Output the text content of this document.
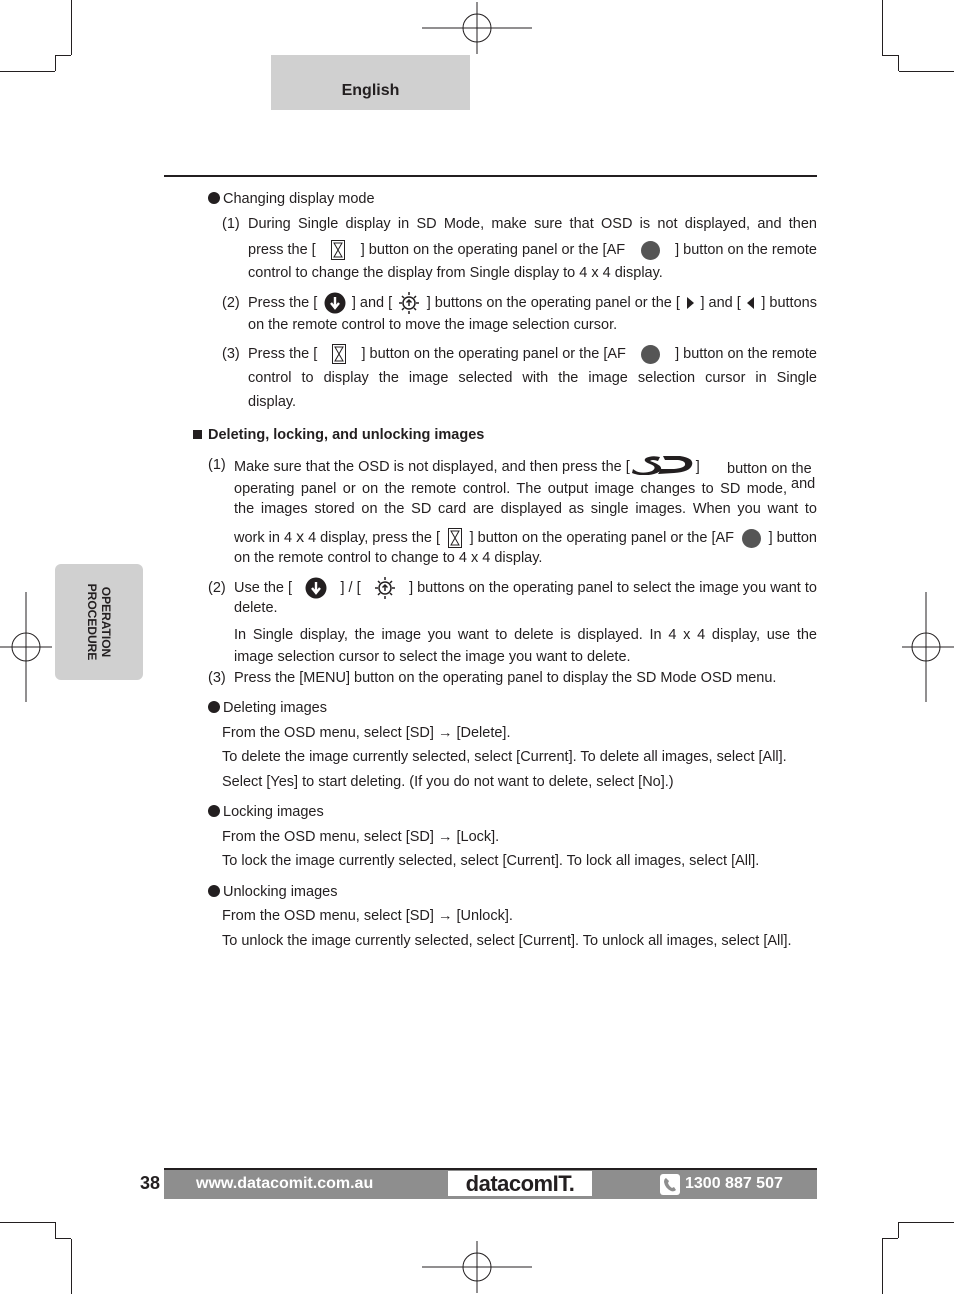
English
OPERATION
PROCEDURE
Changing display mode
(1) During Single display in SD Mode, make sure that OSD is not displayed, and then
press the [	] button on the operating panel or the [AF	] button on the remote
control to change the display from Single display to 4 x 4 display.
(2) Press the [ ] and [ ] buttons on the operating panel or the [ ] and [ ] buttons
on the remote control to move the image selection cursor.
(3) Press the [	] button on the operating panel or the [AF	] button on the remote
control to display the image selected with the image selection cursor in Single
display.
Deleting, locking, and unlocking images
(1) Make sure that the OSD is not displayed, and then press the [	] button on the
operating panel or on the remote control. The output image changes to SD mode, and
the images stored on the SD card are displayed as single images. When you want to
work in 4 x 4 display, press the [ ] button on the operating panel or the [AF ] button
on the remote control to change to 4 x 4 display.
(2) Use the [	] / [	] buttons on the operating panel to select the image you want to
delete.
In Single display, the image you want to delete is displayed. In 4 x 4 display, use the
image selection cursor to select the image you want to delete.
(3) Press the [MENU] button on the operating panel to display the SD Mode OSD menu.
Deleting images
From the OSD menu, select [SD] → [Delete].
To delete the image currently selected, select [Current]. To delete all images, select [All].
Select [Yes] to start deleting. (If you do not want to delete, select [No].)
Locking images
From the OSD menu, select [SD] → [Lock].
To lock the image currently selected, select [Current]. To lock all images, select [All].
Unlocking images
From the OSD menu, select [SD] → [Unlock].
To unlock the image currently selected, select [Current]. To unlock all images, select [All].
38 www.datacomit.com.au	datacomIT.	1300 887 507
